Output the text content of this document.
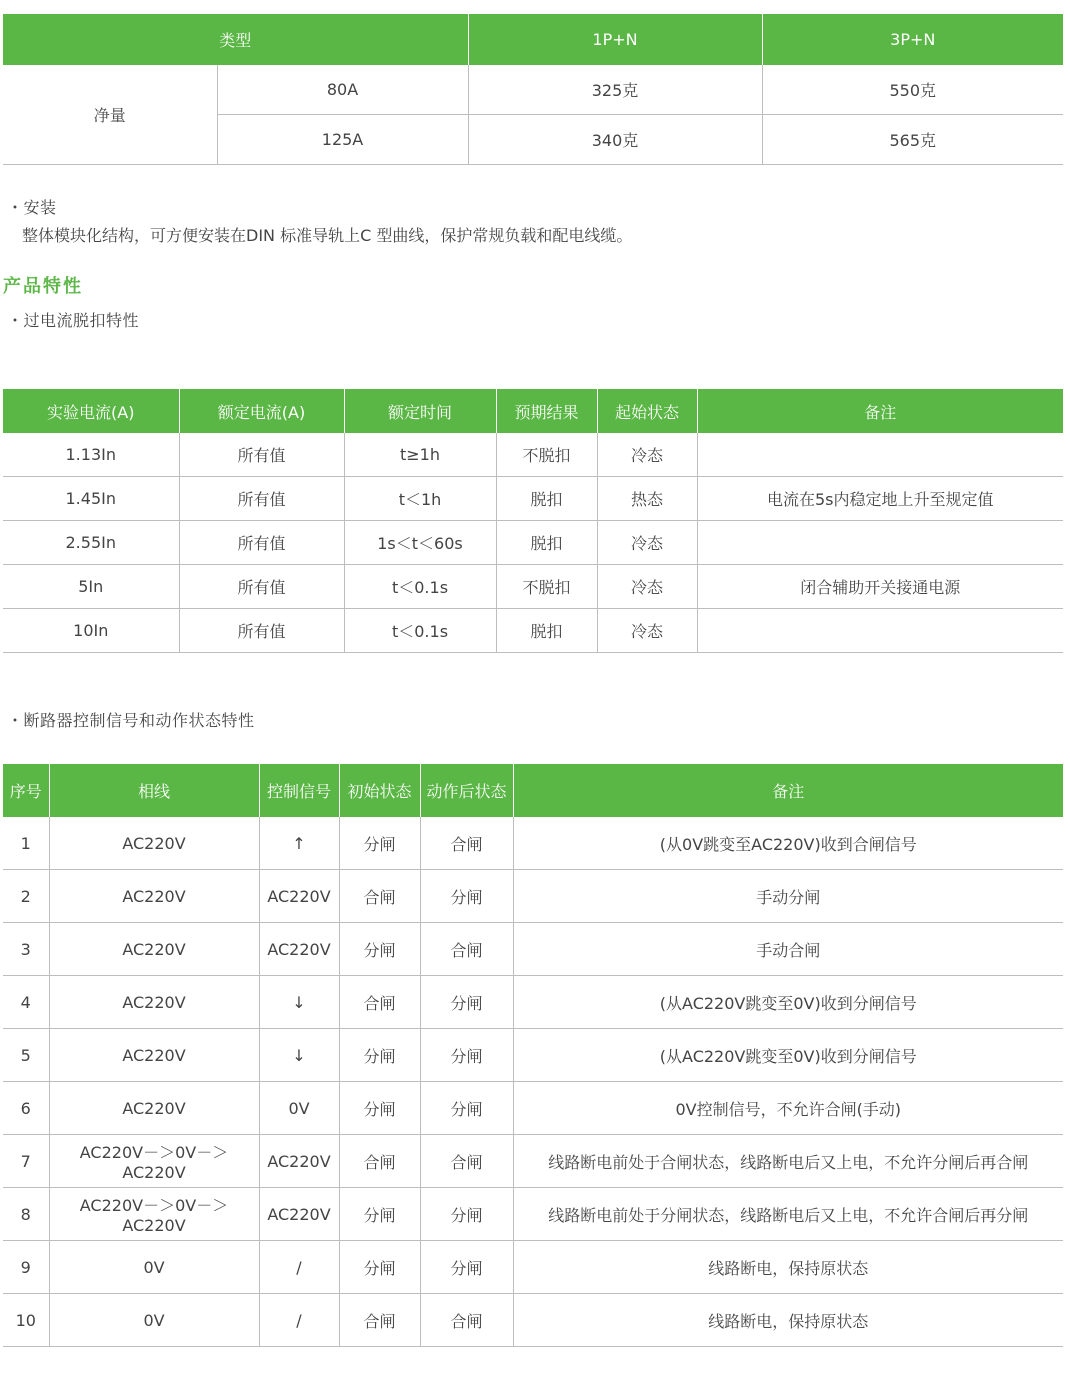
类型		1P+N	3P+N
净量	80A	325克	550克
	125A	340克	565克
・安装
整体模块化结构，可方便安装在DIN 标准导轨上C 型曲线，保护常规负载和配电线缆。
产品特性
・过电流脱扣特性
实验电流(A)	额定电流(A)	额定时间	预期结果	起始状态	备注
1.13In	所有值	t≥1h	不脱扣	冷态	
1.45In	所有值	t＜1h	脱扣	热态	电流在5s内稳定地上升至规定值
2.55In	所有值	1s＜t＜60s	脱扣	冷态	
5In	所有值	t＜0.1s	不脱扣	冷态	闭合辅助开关接通电源
10In	所有值	t＜0.1s	脱扣	冷态	
・断路器控制信号和动作状态特性
序号	相线	控制信号	初始状态	动作后状态	备注
1	AC220V	↑	分闸	合闸	(从0V跳变至AC220V)收到合闸信号
2	AC220V	AC220V	合闸	分闸	手动分闸
3	AC220V	AC220V	分闸	合闸	手动合闸
4	AC220V	↓	合闸	分闸	(从AC220V跳变至0V)收到分闸信号
5	AC220V	↓	分闸	分闸	(从AC220V跳变至0V)收到分闸信号
6	AC220V	0V	分闸	分闸	0V控制信号，不允许合闸(手动)
7	AC220V－＞0V－＞AC220V	AC220V	合闸	合闸	线路断电前处于合闸状态，线路断电后又上电，不允许分闸后再合闸
8	AC220V－＞0V－＞AC220V	AC220V	分闸	分闸	线路断电前处于分闸状态，线路断电后又上电，不允许合闸后再分闸
9	0V	/	分闸	分闸	线路断电，保持原状态
10	0V	/	合闸	合闸	线路断电，保持原状态
